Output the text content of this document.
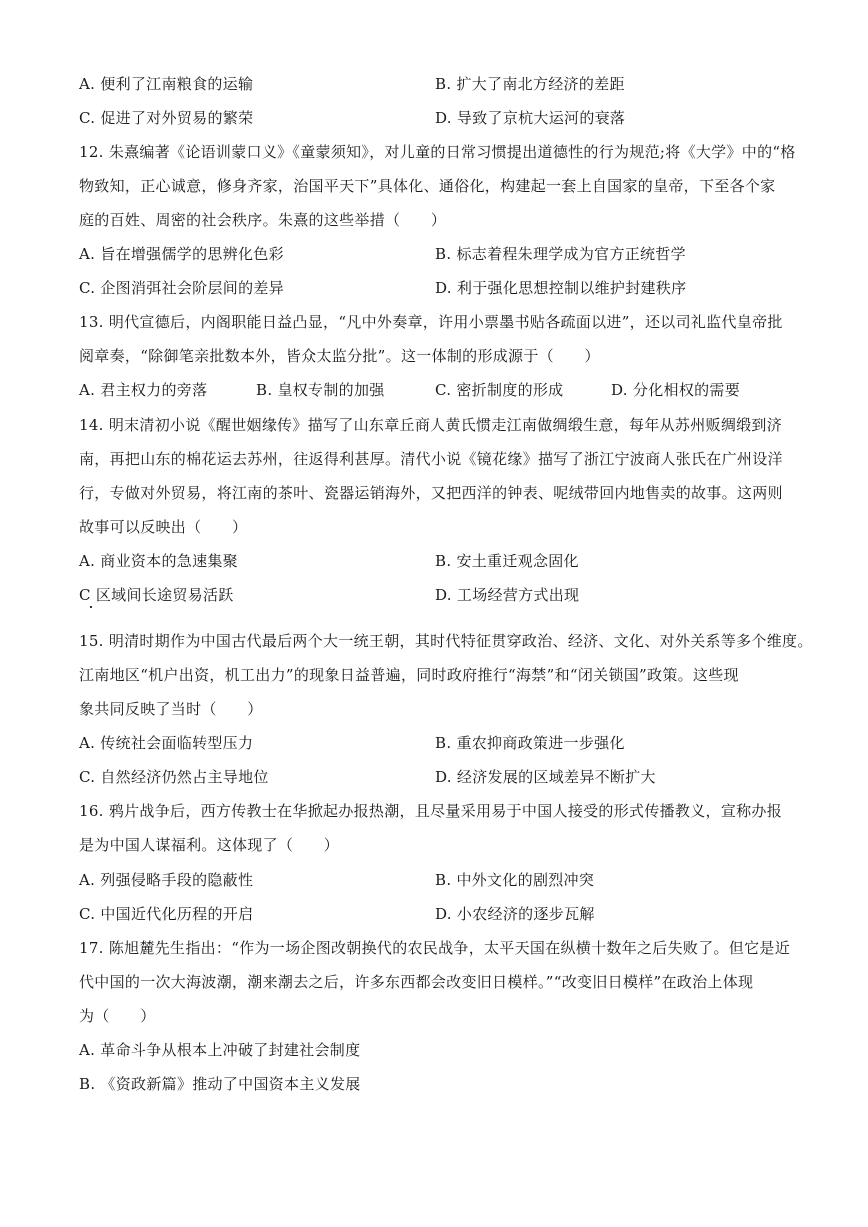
A. 便利了江南粮食的运输	B. 扩大了南北方经济的差距
C. 促进了对外贸易的繁荣	D. 导致了京杭大运河的衰落
12. 朱熹编著《论语训蒙口义》《童蒙须知》，对儿童的日常习惯提出道德性的行为规范;将《大学》中的“格
物致知，正心诚意，修身齐家，治国平天下”具体化、通俗化，构建起一套上自国家的皇帝，下至各个家
庭的百姓、周密的社会秩序。朱熹的这些举措（　　）
A. 旨在增强儒学的思辨化色彩	B. 标志着程朱理学成为官方正统哲学
C. 企图消弭社会阶层间的差异	D. 利于强化思想控制以维护封建秩序
13. 明代宣德后，内阁职能日益凸显，“凡中外奏章，许用小票墨书贴各疏面以进”，还以司礼监代皇帝批
阅章奏，“除御笔亲批数本外，皆众太监分批”。这一体制的形成源于（　　）
A. 君主权力的旁落	B. 皇权专制的加强	C. 密折制度的形成	D. 分化相权的需要
14. 明末清初小说《醒世姻缘传》描写了山东章丘商人黄氏惯走江南做绸缎生意，每年从苏州贩绸缎到济
南，再把山东的棉花运去苏州，往返得利甚厚。清代小说《镜花缘》描写了浙江宁波商人张氏在广州设洋
行，专做对外贸易，将江南的茶叶、瓷器运销海外，又把西洋的钟表、呢绒带回内地售卖的故事。这两则
故事可以反映出（　　）
A. 商业资本的急速集聚	B. 安土重迁观念固化
C 区域间长途贸易活跃	D. 工场经营方式出现
15. 明清时期作为中国古代最后两个大一统王朝，其时代特征贯穿政治、经济、文化、对外关系等多个维度。
江南地区“机户出资，机工出力”的现象日益普遍，同时政府推行“海禁”和“闭关锁国”政策。这些现
象共同反映了当时（　　）
A. 传统社会面临转型压力	B. 重农抑商政策进一步强化
C. 自然经济仍然占主导地位	D. 经济发展的区域差异不断扩大
16. 鸦片战争后，西方传教士在华掀起办报热潮，且尽量采用易于中国人接受的形式传播教义，宣称办报
是为中国人谋福利。这体现了（　　）
A. 列强侵略手段的隐蔽性	B. 中外文化的剧烈冲突
C. 中国近代化历程的开启	D. 小农经济的逐步瓦解
17. 陈旭麓先生指出：“作为一场企图改朝换代的农民战争，太平天国在纵横十数年之后失败了。但它是近
代中国的一次大海波潮，潮来潮去之后，许多东西都会改变旧日模样。”“改变旧日模样”在政治上体现
为（　　）
A. 革命斗争从根本上冲破了封建社会制度
B. 《资政新篇》推动了中国资本主义发展
